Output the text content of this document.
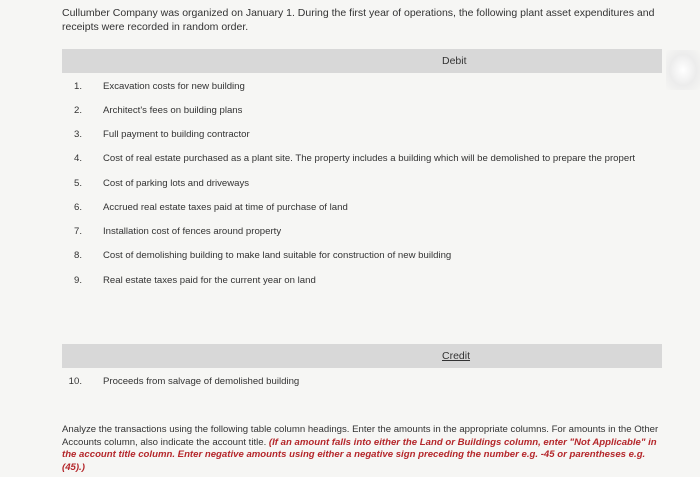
Cullumber Company was organized on January 1. During the first year of operations, the following plant asset expenditures and receipts were recorded in random order.
Debit
1. Excavation costs for new building
2. Architect's fees on building plans
3. Full payment to building contractor
4. Cost of real estate purchased as a plant site. The property includes a building which will be demolished to prepare the propert
5. Cost of parking lots and driveways
6. Accrued real estate taxes paid at time of purchase of land
7. Installation cost of fences around property
8. Cost of demolishing building to make land suitable for construction of new building
9. Real estate taxes paid for the current year on land
Credit
10. Proceeds from salvage of demolished building
Analyze the transactions using the following table column headings. Enter the amounts in the appropriate columns. For amounts in the Other Accounts column, also indicate the account title. (If an amount falls into either the Land or Buildings column, enter "Not Applicable" in the account title column. Enter negative amounts using either a negative sign preceding the number e.g. -45 or parentheses e.g. (45).)
